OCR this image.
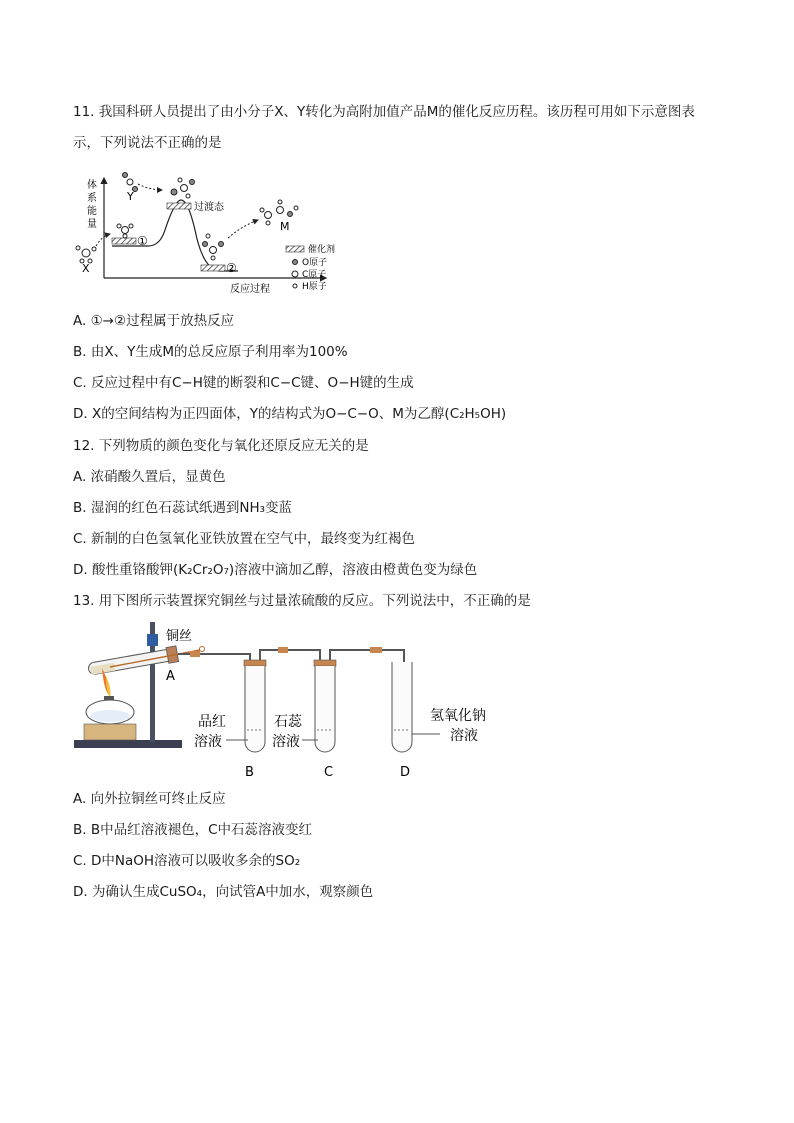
11. 我国科研人员提出了由小分子X、Y转化为高附加值产品M的催化反应历程。该历程可用如下示意图表
示，下列说法不正确的是
体
系
能
量
反应过程
①
②
过渡态
X
Y
M
催化剂
O原子
C原子
H原子
A. ①→②过程属于放热反应
B. 由X、Y生成M的总反应原子利用率为100%
C. 反应过程中有C−H键的断裂和C−C键、O−H键的生成
D. X的空间结构为正四面体，Y的结构式为O−C−O、M为乙醇(C₂H₅OH)
12. 下列物质的颜色变化与氧化还原反应无关的是
A. 浓硝酸久置后，显黄色
B. 湿润的红色石蕊试纸遇到NH₃变蓝
C. 新制的白色氢氧化亚铁放置在空气中，最终变为红褐色
D. 酸性重铬酸钾(K₂Cr₂O₇)溶液中滴加乙醇，溶液由橙黄色变为绿色
13. 用下图所示装置探究铜丝与过量浓硫酸的反应。下列说法中，不正确的是
铜丝
A
品红
溶液
石蕊
溶液
氢氧化钠
溶液
B	C	D
A. 向外拉铜丝可终止反应
B. B中品红溶液褪色，C中石蕊溶液变红
C. D中NaOH溶液可以吸收多余的SO₂
D. 为确认生成CuSO₄，向试管A中加水，观察颜色
